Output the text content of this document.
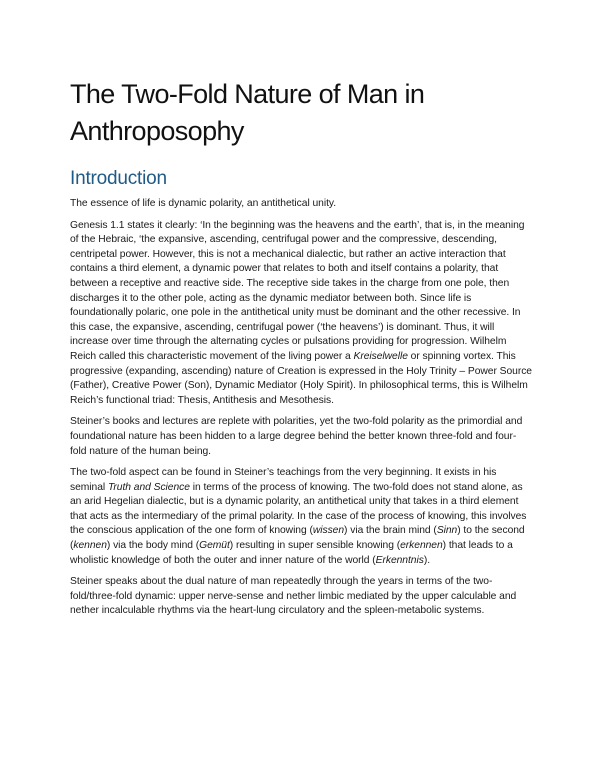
The Two-Fold Nature of Man in Anthroposophy
Introduction

The essence of life is dynamic polarity, an antithetical unity.

Genesis 1.1 states it clearly: ‘In the beginning was the heavens and the earth’, that is, in the meaning of the Hebraic, ‘the expansive, ascending, centrifugal power and the compressive, descending, centripetal power. However, this is not a mechanical dialectic, but rather an active interaction that contains a third element, a dynamic power that relates to both and itself contains a polarity, that between a receptive and reactive side. The receptive side takes in the charge from one pole, then discharges it to the other pole, acting as the dynamic mediator between both. Since life is foundationally polaric, one pole in the antithetical unity must be dominant and the other recessive. In this case, the expansive, ascending, centrifugal power (‘the heavens’) is dominant. Thus, it will increase over time through the alternating cycles or pulsations providing for progression. Wilhelm Reich called this characteristic movement of the living power a Kreiselwelle or spinning vortex. This progressive (expanding, ascending) nature of Creation is expressed in the Holy Trinity – Power Source (Father), Creative Power (Son), Dynamic Mediator (Holy Spirit). In philosophical terms, this is Wilhelm Reich’s functional triad: Thesis, Antithesis and Mesothesis.

Steiner’s books and lectures are replete with polarities, yet the two-fold polarity as the primordial and foundational nature has been hidden to a large degree behind the better known three-fold and four-fold nature of the human being.

The two-fold aspect can be found in Steiner’s teachings from the very beginning. It exists in his seminal Truth and Science in terms of the process of knowing. The two-fold does not stand alone, as an arid Hegelian dialectic, but is a dynamic polarity, an antithetical unity that takes in a third element that acts as the intermediary of the primal polarity. In the case of the process of knowing, this involves the conscious application of the one form of knowing (wissen) via the brain mind (Sinn) to the second (kennen) via the body mind (Gemüt) resulting in super sensible knowing (erkennen) that leads to a wholistic knowledge of both the outer and inner nature of the world (Erkenntnis).

Steiner speaks about the dual nature of man repeatedly through the years in terms of the two-fold/three-fold dynamic: upper nerve-sense and nether limbic mediated by the upper calculable and nether incalculable rhythms via the heart-lung circulatory and the spleen-metabolic systems.
